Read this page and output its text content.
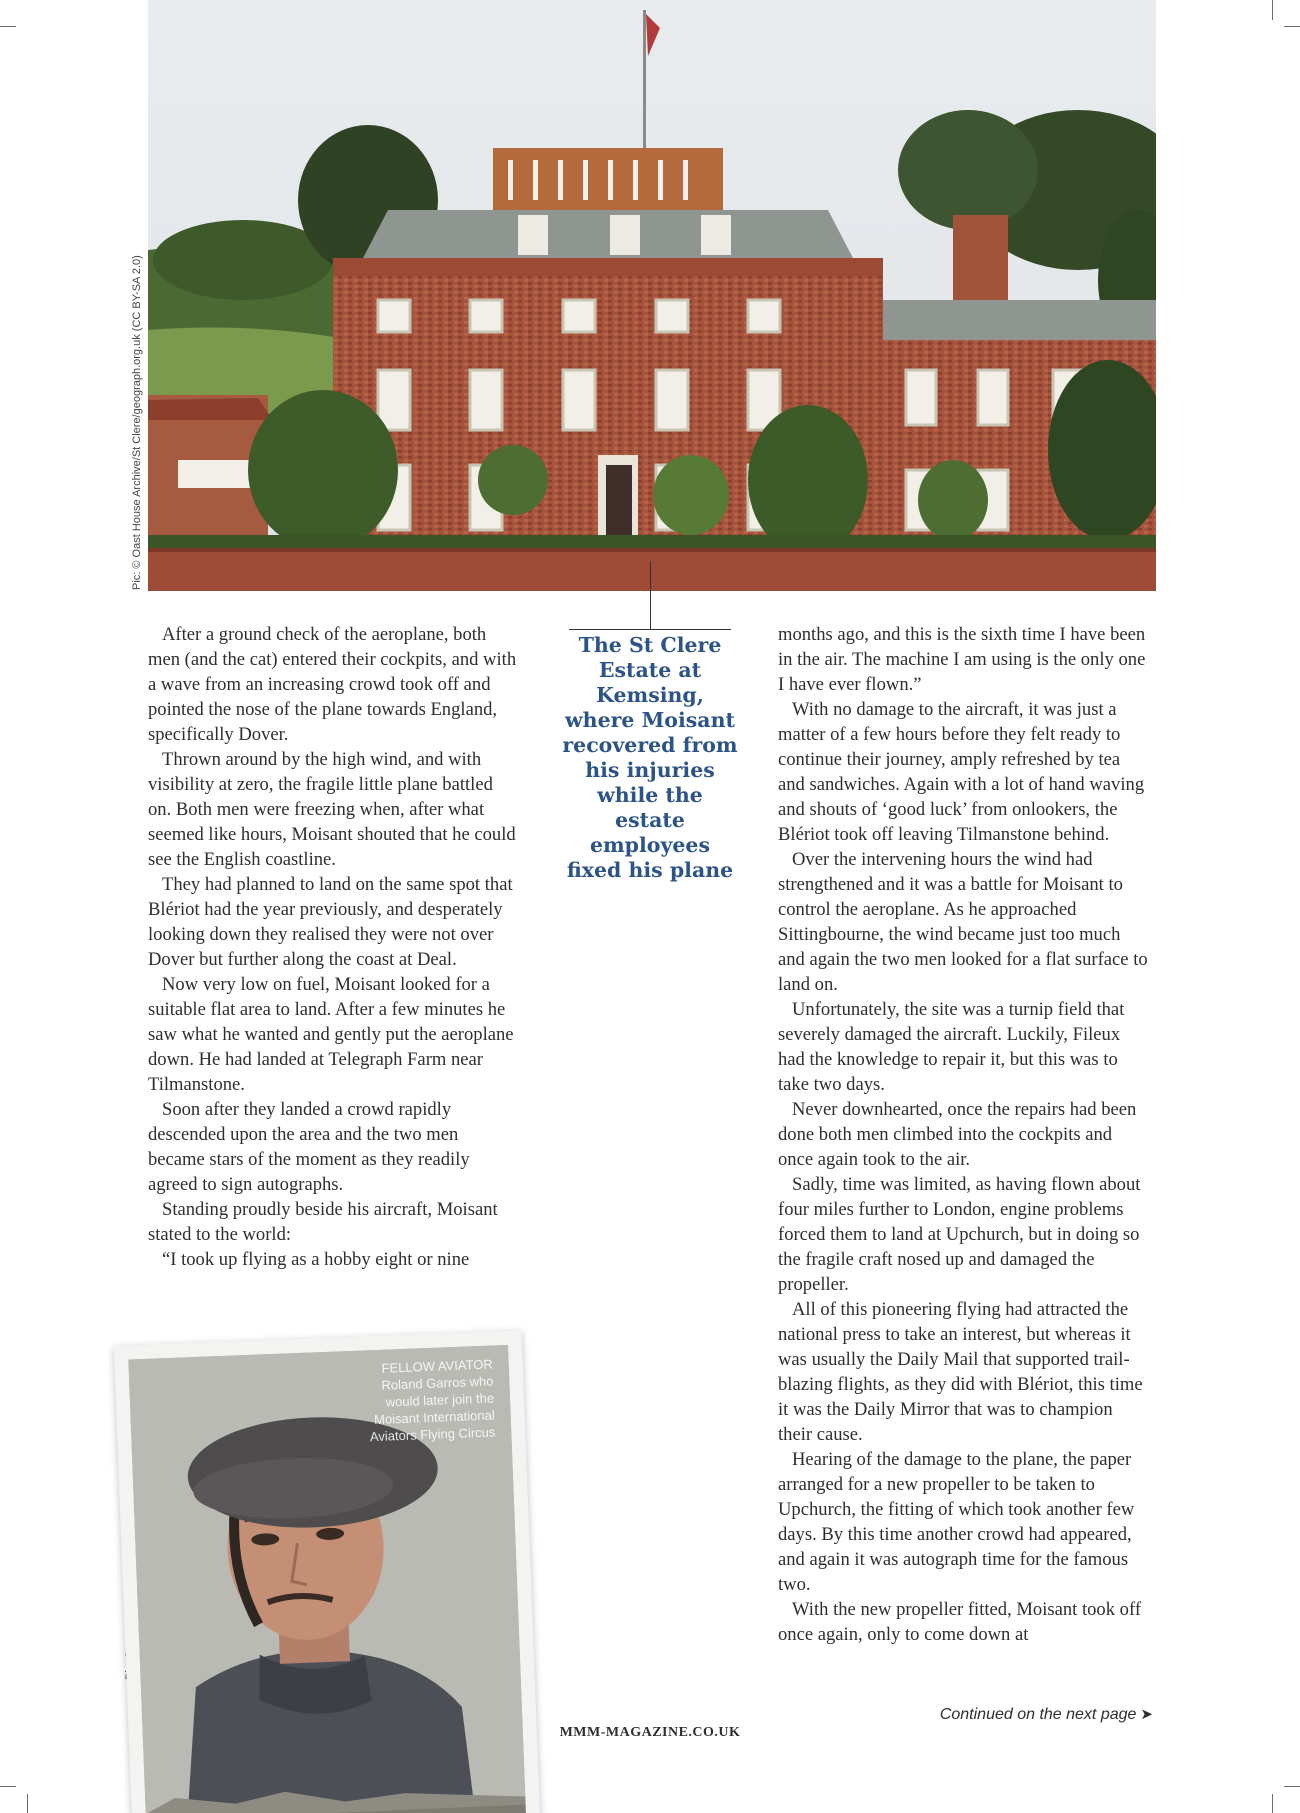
Pic: © Oast House Archive/St Clere/geograph.org.uk (CC BY-SA 2.0)

After a ground check of the aeroplane, both men (and the cat) entered their cockpits, and with a wave from an increasing crowd took off and pointed the nose of the plane towards England, specifically Dover.

Thrown around by the high wind, and with visibility at zero, the fragile little plane battled on. Both men were freezing when, after what seemed like hours, Moisant shouted that he could see the English coastline.

They had planned to land on the same spot that Blériot had the year previously, and desperately looking down they realised they were not over Dover but further along the coast at Deal.

Now very low on fuel, Moisant looked for a suitable flat area to land. After a few minutes he saw what he wanted and gently put the aeroplane down. He had landed at Telegraph Farm near Tilmanstone.

Soon after they landed a crowd rapidly descended upon the area and the two men became stars of the moment as they readily agreed to sign autographs.

Standing proudly beside his aircraft, Moisant stated to the world:

“I took up flying as a hobby eight or nine

The St Clere Estate at Kemsing, where Moisant recovered from his injuries while the estate employees fixed his plane

months ago, and this is the sixth time I have been in the air. The machine I am using is the only one I have ever flown.”

With no damage to the aircraft, it was just a matter of a few hours before they felt ready to continue their journey, amply refreshed by tea and sandwiches. Again with a lot of hand waving and shouts of ‘good luck’ from onlookers, the Blériot took off leaving Tilmanstone behind.

Over the intervening hours the wind had strengthened and it was a battle for Moisant to control the aeroplane. As he approached Sittingbourne, the wind became just too much and again the two men looked for a flat surface to land on.

Unfortunately, the site was a turnip field that severely damaged the aircraft. Luckily, Fileux had the knowledge to repair it, but this was to take two days.

Never downhearted, once the repairs had been done both men climbed into the cockpits and once again took to the air.

Sadly, time was limited, as having flown about four miles further to London, engine problems forced them to land at Upchurch, but in doing so the fragile craft nosed up and damaged the propeller.

All of this pioneering flying had attracted the national press to take an interest, but whereas it was usually the Daily Mail that supported trail-blazing flights, as they did with Blériot, this time it was the Daily Mirror that was to champion their cause.

Hearing of the damage to the plane, the paper arranged for a new propeller to be taken to Upchurch, the fitting of which took another few days. By this time another crowd had appeared, and again it was autograph time for the famous two.

With the new propeller fitted, Moisant took off once again, only to come down at

FELLOW AVIATOR
Roland Garros who would later join the Moisant International Aviators Flying Circus
MMM-MAGAZINE.CO.UK
Continued on the next page ➤
